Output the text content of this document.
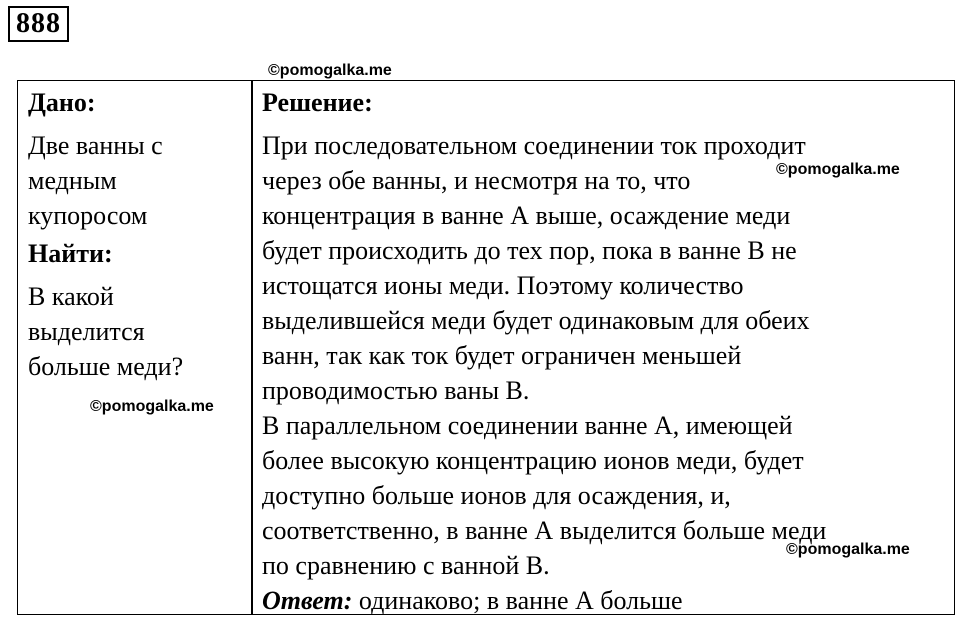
888
©pomogalka.me
©pomogalka.me
©pomogalka.me
©pomogalka.me
Дано:
Две ванны с
медным
купоросом
Найти:
В какой
выделится
больше меди?
Решение:
При последовательном соединении ток проходит
через обе ванны, и несмотря на то, что
концентрация в ванне А выше, осаждение меди
будет происходить до тех пор, пока в ванне В не
истощатся ионы меди. Поэтому количество
выделившейся меди будет одинаковым для обеих
ванн, так как ток будет ограничен меньшей
проводимостью ваны В.
В параллельном соединении ванне А, имеющей
более высокую концентрацию ионов меди, будет
доступно больше ионов для осаждения, и,
соответственно, в ванне А выделится больше меди
по сравнению с ванной В.
Ответ: одинаково; в ванне А больше
